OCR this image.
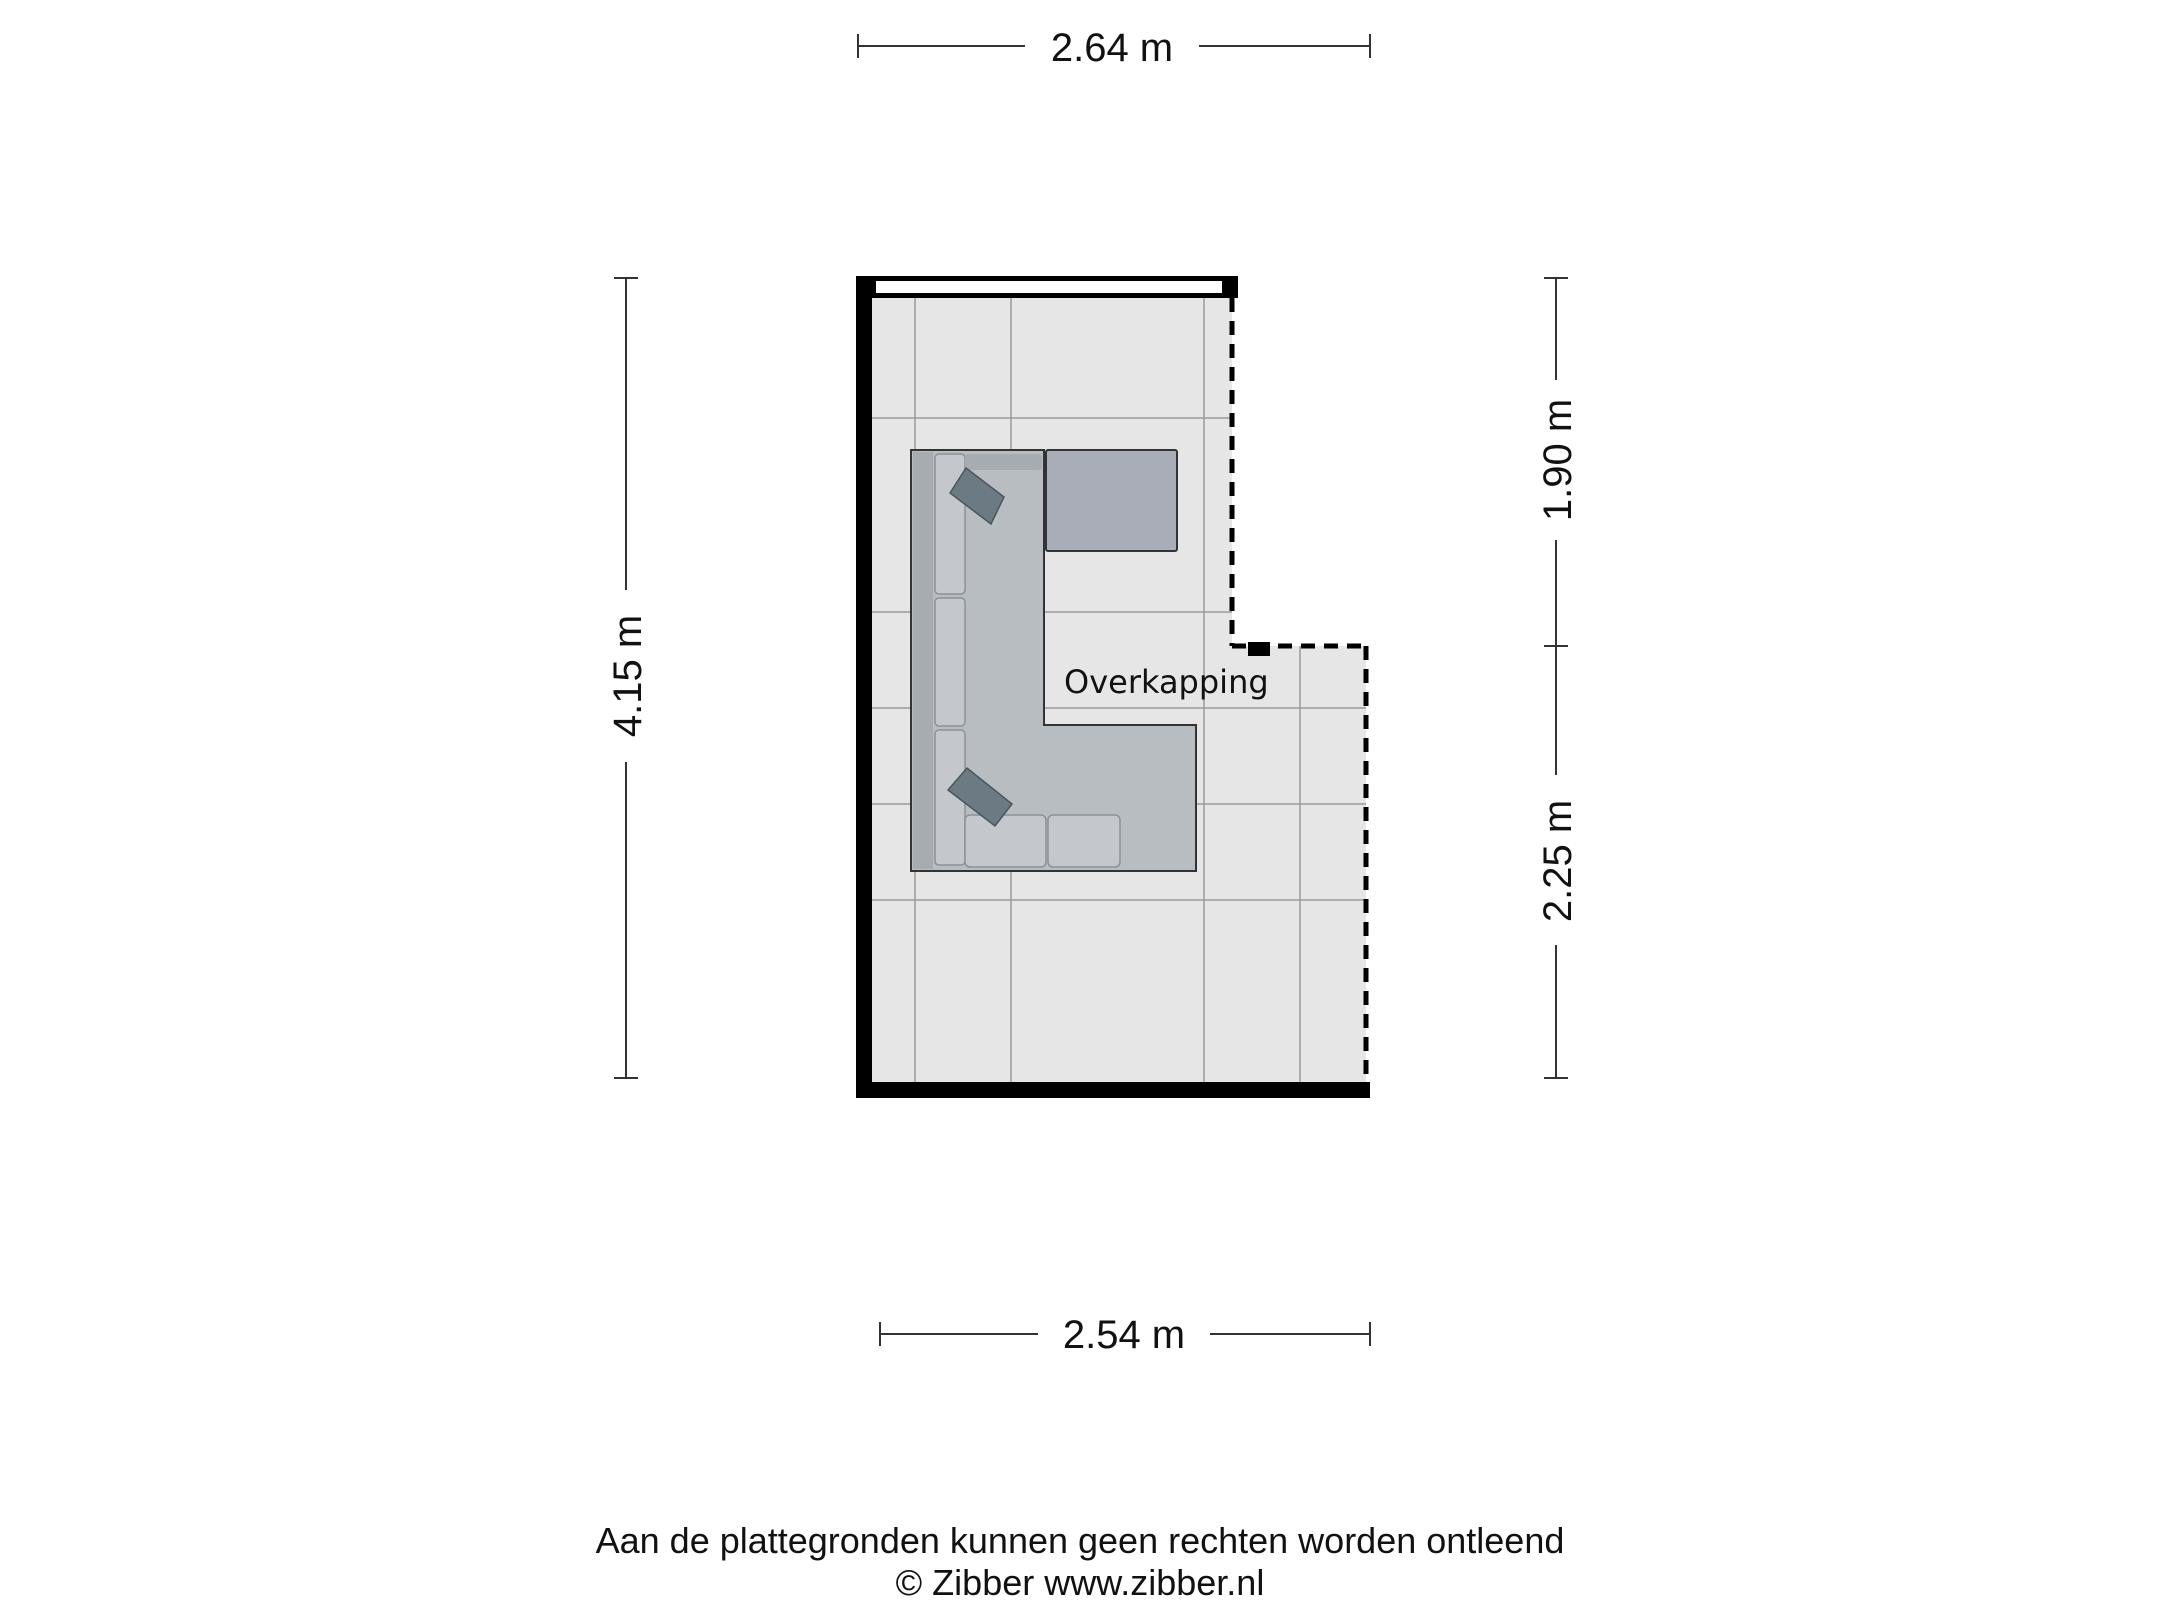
Overkapping
2.64 m
2.54 m
4.15 m
1.90 m
2.25 m
Aan de plattegronden kunnen geen rechten worden ontleend
© Zibber www.zibber.nl
